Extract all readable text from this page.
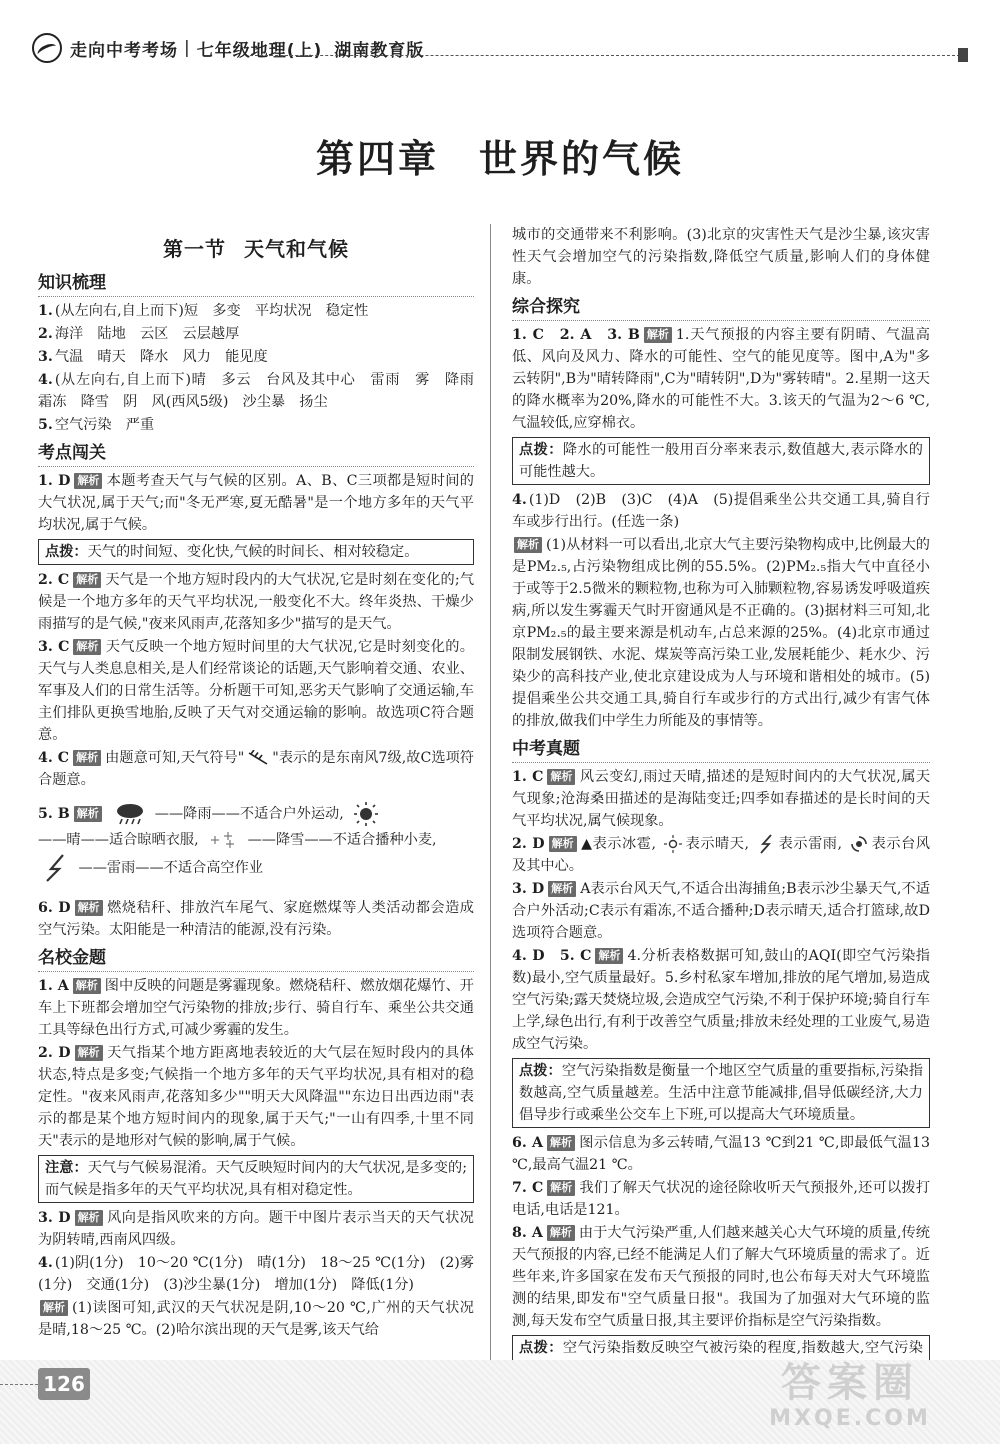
走向中考考场 | 七年级地理(上) 湖南教育版
第四章 世界的气候
第一节 天气和气候
知识梳理
1. (从左向右,自上而下)短　多变　平均状况　稳定性
2. 海洋　陆地　云区　云层越厚
3. 气温　晴天　降水　风力　能见度
4. (从左向右,自上而下)晴　多云　台风及其中心　雷雨　雾　降雨　霜冻　降雪　阴　风(西风5级)　沙尘暴　扬尘
5. 空气污染　严重
考点闯关
1. D 解析 本题考查天气与气候的区别。A、B、C三项都是短时间的大气状况,属于天气;而"冬无严寒,夏无酷暑"是一个地方多年的天气平均状况,属于气候。
点拨：天气的时间短、变化快,气候的时间长、相对较稳定。
2. C 解析 天气是一个地方短时段内的大气状况,它是时刻在变化的;气候是一个地方多年的天气平均状况,一般变化不大。终年炎热、干燥少雨描写的是气候,"夜来风雨声,花落知多少"描写的是天气。
3. C 解析 天气反映一个地方短时间里的大气状况,它是时刻变化的。天气与人类息息相关,是人们经常谈论的话题,天气影响着交通、农业、军事及人们的日常生活等。分析题干可知,恶劣天气影响了交通运输,车主们排队更换雪地胎,反映了天气对交通运输的影响。故选项C符合题意。
4. C 解析 由题意可知,天气符号" "表示的是东南风7级,故C选项符合题意。
5. B 解析	——降雨——不适合户外运动,
——晴——适合晾晒衣服,	——降雪——不适合播种小麦,
——雷雨——不适合高空作业
6. D 解析 燃烧秸秆、排放汽车尾气、家庭燃煤等人类活动都会造成空气污染。太阳能是一种清洁的能源,没有污染。
名校金题
1. A 解析 图中反映的问题是雾霾现象。燃烧秸秆、燃放烟花爆竹、开车上下班都会增加空气污染物的排放;步行、骑自行车、乘坐公共交通工具等绿色出行方式,可减少雾霾的发生。
2. D 解析 天气指某个地方距离地表较近的大气层在短时段内的具体状态,特点是多变;气候指一个地方多年的天气平均状况,具有相对的稳定性。"夜来风雨声,花落知多少""明天大风降温""东边日出西边雨"表示的都是某个地方短时间内的现象,属于天气;"一山有四季,十里不同天"表示的是地形对气候的影响,属于气候。
注意：天气与气候易混淆。天气反映短时间内的大气状况,是多变的;而气候是指多年的天气平均状况,具有相对稳定性。
3. D 解析 风向是指风吹来的方向。题干中图片表示当天的天气状况为阴转晴,西南风四级。
4. (1)阴(1分)　10～20 ℃(1分)　晴(1分)　18～25 ℃(1分)　(2)雾(1分)　交通(1分)　(3)沙尘暴(1分)　增加(1分)　降低(1分)
解析 (1)读图可知,武汉的天气状况是阴,10～20 ℃,广州的天气状况是晴,18～25 ℃。(2)哈尔滨出现的天气是雾,该天气给
城市的交通带来不利影响。(3)北京的灾害性天气是沙尘暴,该灾害性天气会增加空气的污染指数,降低空气质量,影响人们的身体健康。
综合探究
1. C　2. A　3. B 解析 1.天气预报的内容主要有阴晴、气温高低、风向及风力、降水的可能性、空气的能见度等。图中,A为"多云转阴",B为"晴转降雨",C为"晴转阴",D为"雾转晴"。2.星期一这天的降水概率为20%,降水的可能性不大。3.该天的气温为2～6 ℃,气温较低,应穿棉衣。
点拨：降水的可能性一般用百分率来表示,数值越大,表示降水的可能性越大。
4. (1)D　(2)B　(3)C　(4)A　(5)提倡乘坐公共交通工具,骑自行车或步行出行。(任选一条)
解析 (1)从材料一可以看出,北京大气主要污染物构成中,比例最大的是PM₂.₅,占污染物组成比例的55.5%。(2)PM₂.₅指大气中直径小于或等于2.5微米的颗粒物,也称为可入肺颗粒物,容易诱发呼吸道疾病,所以发生雾霾天气时开窗通风是不正确的。(3)据材料三可知,北京PM₂.₅的最主要来源是机动车,占总来源的25%。(4)北京市通过限制发展钢铁、水泥、煤炭等高污染工业,发展耗能少、耗水少、污染少的高科技产业,使北京建设成为人与环境和谐相处的城市。(5)提倡乘坐公共交通工具,骑自行车或步行的方式出行,减少有害气体的排放,做我们中学生力所能及的事情等。
中考真题
1. C 解析 风云变幻,雨过天晴,描述的是短时间内的大气状况,属天气现象;沧海桑田描述的是海陆变迁;四季如春描述的是长时间的天气平均状况,属气候现象。
2. D 解析 ▲表示冰雹, 表示晴天, 表示雷雨, 表示台风及其中心。
3. D 解析 A表示台风天气,不适合出海捕鱼;B表示沙尘暴天气,不适合户外活动;C表示有霜冻,不适合播种;D表示晴天,适合打篮球,故D选项符合题意。
4. D　5. C 解析 4.分析表格数据可知,鼓山的AQI(即空气污染指数)最小,空气质量最好。5.乡村私家车增加,排放的尾气增加,易造成空气污染;露天焚烧垃圾,会造成空气污染,不利于保护环境;骑自行车上学,绿色出行,有利于改善空气质量;排放未经处理的工业废气,易造成空气污染。
点拨：空气污染指数是衡量一个地区空气质量的重要指标,污染指数越高,空气质量越差。生活中注意节能减排,倡导低碳经济,大力倡导步行或乘坐公交车上下班,可以提高大气环境质量。
6. A 解析 图示信息为多云转晴,气温13 ℃到21 ℃,即最低气温13 ℃,最高气温21 ℃。
7. C 解析 我们了解天气状况的途径除收听天气预报外,还可以拨打电话,电话是121。
8. A 解析 由于大气污染严重,人们越来越关心大气环境的质量,传统天气预报的内容,已经不能满足人们了解大气环境质量的需求了。近些年来,许多国家在发布天气预报的同时,也公布每天对大气环境监测的结果,即发布"空气质量日报"。我国为了加强对大气环境的监测,每天发布空气质量日报,其主要评价指标是空气污染指数。
点拨：空气污染指数反映空气被污染的程度,指数越大,空气污染
126	答案圈
MXQE.COM
